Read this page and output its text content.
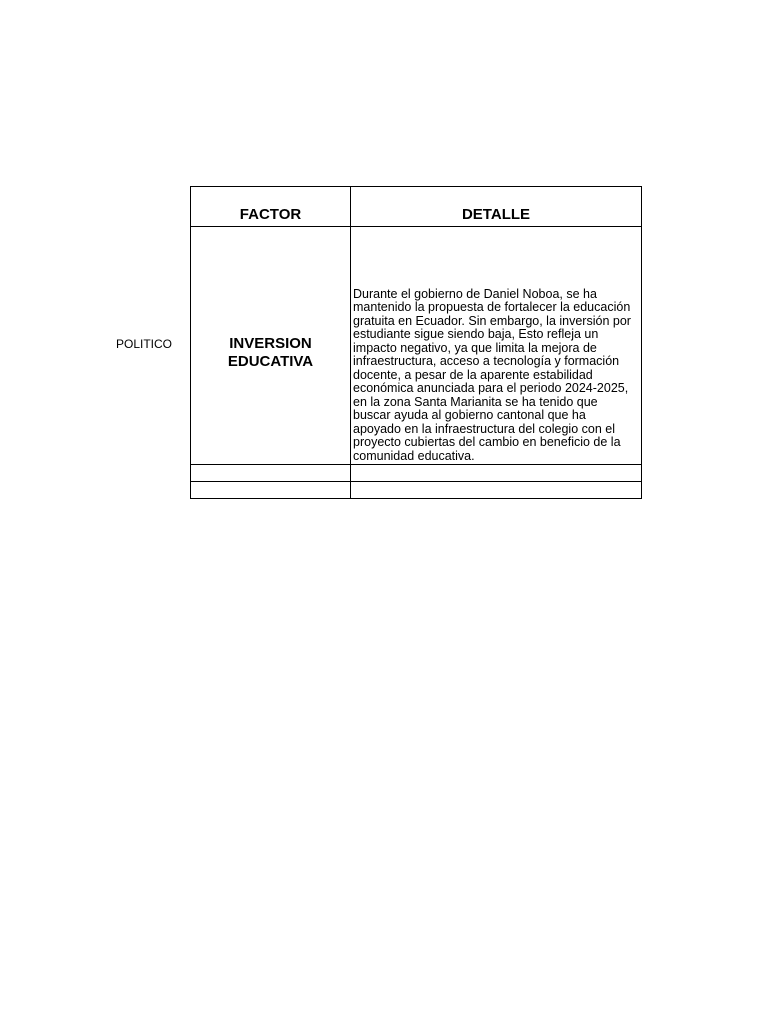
POLITICO
FACTOR	DETALLE

INVERSION EDUCATIVA	Durante el gobierno de Daniel Noboa, se ha mantenido la propuesta de fortalecer la educación gratuita en Ecuador. Sin embargo, la inversión por estudiante sigue siendo baja, Esto refleja un impacto negativo, ya que limita la mejora de infraestructura, acceso a tecnología y formación docente, a pesar de la aparente estabilidad económica anunciada para el periodo 2024-2025, en la zona Santa Marianita se ha tenido que buscar ayuda al gobierno cantonal que ha apoyado en la infraestructura del colegio con el proyecto cubiertas del cambio en beneficio de la comunidad educativa.
